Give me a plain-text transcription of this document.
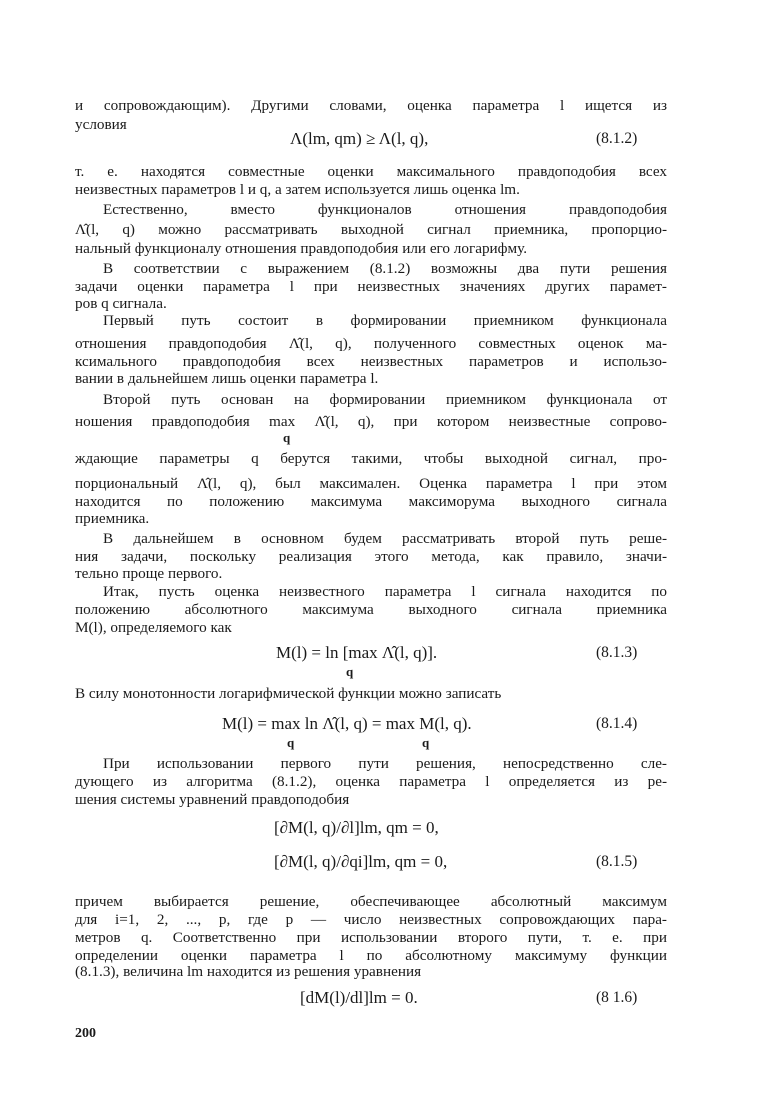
и сопровождающим). Другими словами, оценка параметра l ищется из
условия
Λ(lm, qm) ≥ Λ(l, q),	(8.1.2)
т. е. находятся совместные оценки максимального правдоподобия всех
неизвестных параметров l и q, а затем используется лишь оценка lm.
Естественно, вместо функционалов отношения правдоподобия
Λ̂(l, q) можно рассматривать выходной сигнал приемника, пропорцио-
нальный функционалу отношения правдоподобия или его логарифму.
В соответствии с выражением (8.1.2) возможны два пути решения
задачи оценки параметра l при неизвестных значениях других парамет-
ров q сигнала.
Первый путь состоит в формировании приемником функционала
отношения правдоподобия Λ̂(l, q), полученного совместных оценок ма-
ксимального правдоподобия всех неизвестных параметров и использо-
вании в дальнейшем лишь оценки параметра l.
Второй путь основан на формировании приемником функционала от
ношения правдоподобия max Λ̂(l, q), при котором неизвестные сопрово-
q
ждающие параметры q берутся такими, чтобы выходной сигнал, про-
порциональный Λ̂(l, q), был максимален. Оценка параметра l при этом
находится по положению максимума максиморума выходного сигнала
приемника.
В дальнейшем в основном будем рассматривать второй путь реше-
ния задачи, поскольку реализация этого метода, как правило, значи-
тельно проще первого.
Итак, пусть оценка неизвестного параметра l сигнала находится по
положению абсолютного максимума выходного сигнала приемника
M(l), определяемого как
M(l) = ln [max Λ̂(l, q)].
q
(8.1.3)
В силу монотонности логарифмической функции можно записать
M(l) = max ln Λ̂(l, q) = max M(l, q).
q	q
(8.1.4)
При использовании первого пути решения, непосредственно сле-
дующего из алгоритма (8.1.2), оценка параметра l определяется из ре-
шения системы уравнений правдоподобия
[∂M(l, q)/∂l]lm, qm = 0,
[∂M(l, q)/∂qi]lm, qm = 0,	(8.1.5)
причем выбирается решение, обеспечивающее абсолютный максимум
для i=1, 2, ..., p, где p — число неизвестных сопровождающих пара-
метров q. Соответственно при использовании второго пути, т. е. при
определении оценки параметра l по абсолютному максимуму функции
(8.1.3), величина lm находится из решения уравнения
[dM(l)/dl]lm = 0.	(8 1.6)
200
